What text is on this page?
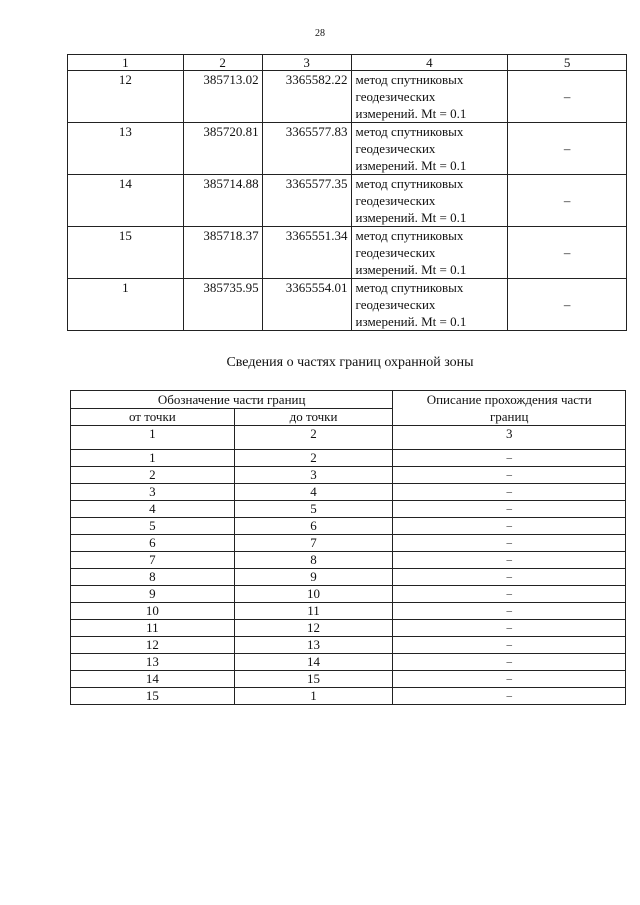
28
1	2	3	4	5
12	385713.02	3365582.22	метод спутниковых
геодезических
измерений. Mt = 0.1	–
13	385720.81	3365577.83	метод спутниковых
геодезических
измерений. Mt = 0.1	–
14	385714.88	3365577.35	метод спутниковых
геодезических
измерений. Mt = 0.1	–
15	385718.37	3365551.34	метод спутниковых
геодезических
измерений. Mt = 0.1	–
1	385735.95	3365554.01	метод спутниковых
геодезических
измерений. Mt = 0.1	–
Сведения о частях границ охранной зоны
Обозначение части границ		Описание прохождения части
границ
от точки	до точки	
1	2	3
1	2	–
2	3	–
3	4	–
4	5	–
5	6	–
6	7	–
7	8	–
8	9	–
9	10	–
10	11	–
11	12	–
12	13	–
13	14	–
14	15	–
15	1	–
